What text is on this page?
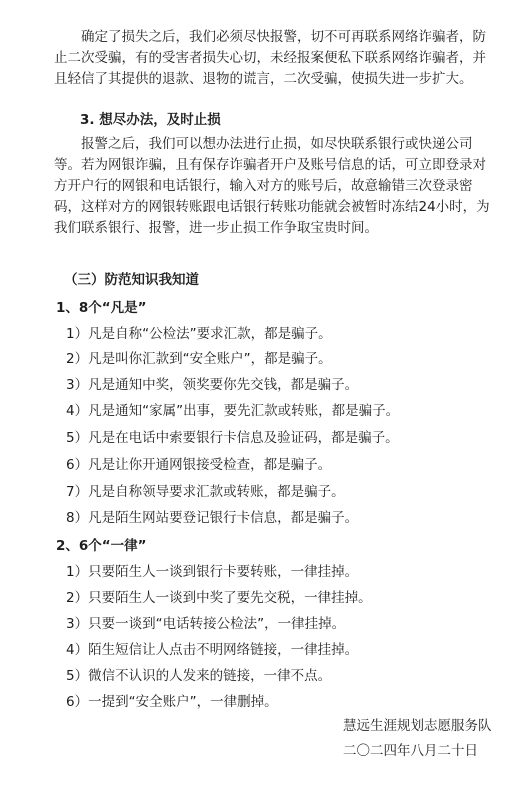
确定了损失之后，我们必须尽快报警，切不可再联系网络诈骗者，防止二次受骗，有的受害者损失心切，未经报案便私下联系网络诈骗者，并且轻信了其提供的退款、退物的谎言，二次受骗，使损失进一步扩大。

3. 想尽办法，及时止损

报警之后，我们可以想办法进行止损，如尽快联系银行或快递公司等。若为网银诈骗，且有保存诈骗者开户及账号信息的话，可立即登录对方开户行的网银和电话银行，输入对方的账号后，故意输错三次登录密码，这样对方的网银转账跟电话银行转账功能就会被暂时冻结24小时，为我们联系银行、报警，进一步止损工作争取宝贵时间。

（三）防范知识我知道
1、8个“凡是”
1）凡是自称“公检法”要求汇款，都是骗子。
2）凡是叫你汇款到“安全账户”，都是骗子。
3）凡是通知中奖，领奖要你先交钱，都是骗子。
4）凡是通知“家属”出事，要先汇款或转账，都是骗子。
5）凡是在电话中索要银行卡信息及验证码，都是骗子。
6）凡是让你开通网银接受检查，都是骗子。
7）凡是自称领导要求汇款或转账，都是骗子。
8）凡是陌生网站要登记银行卡信息，都是骗子。
2、6个“一律”
1）只要陌生人一谈到银行卡要转账，一律挂掉。
2）只要陌生人一谈到中奖了要先交税，一律挂掉。
3）只要一谈到“电话转接公检法”，一律挂掉。
4）陌生短信让人点击不明网络链接，一律挂掉。
5）微信不认识的人发来的链接，一律不点。
6）一提到“安全账户”，一律删掉。
慧远生涯规划志愿服务队
二〇二四年八月二十日
